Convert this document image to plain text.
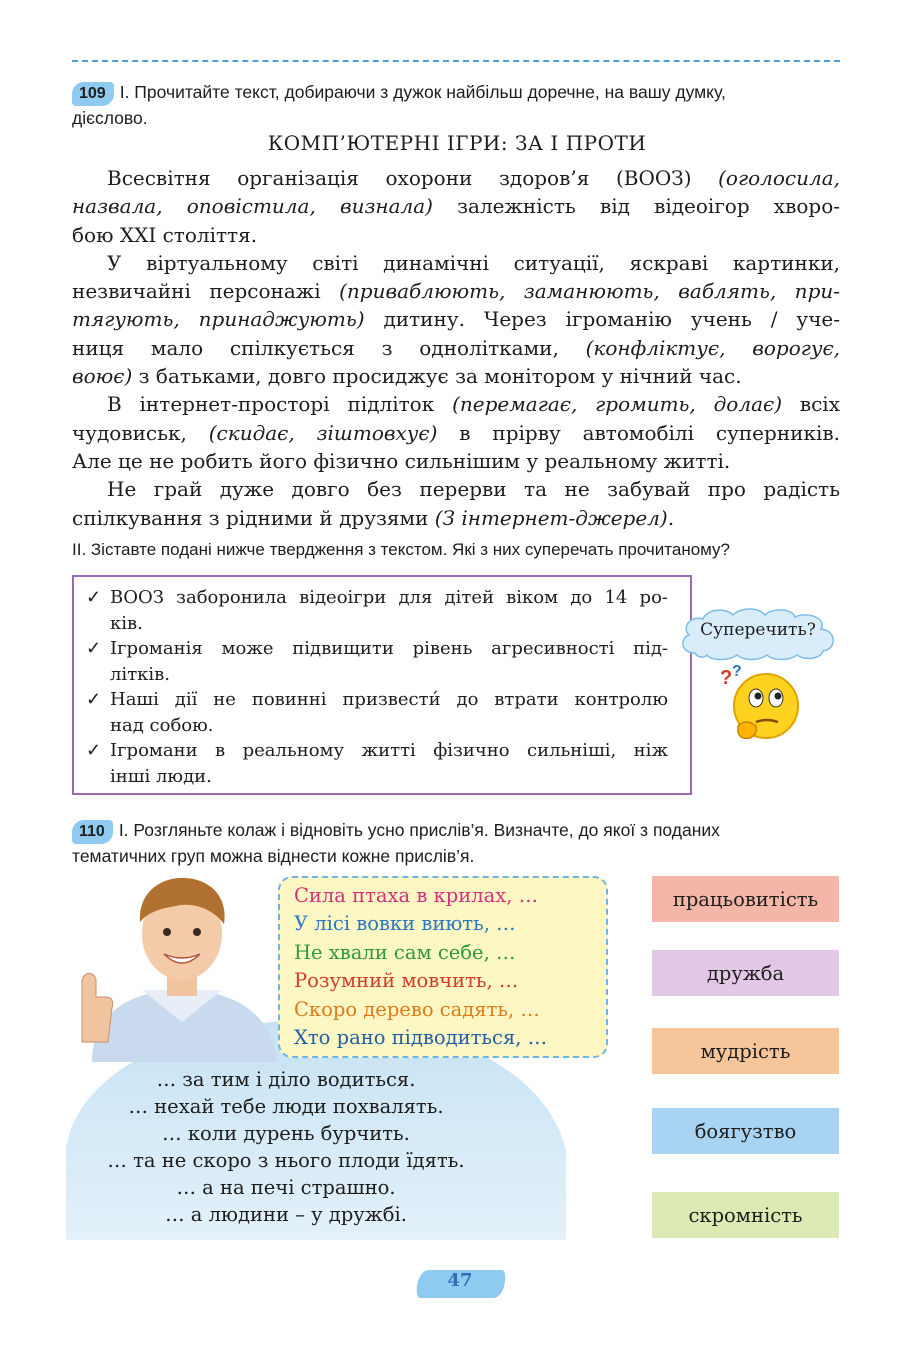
109 І. Прочитайте текст, добираючи з дужок найбільш доречне, на вашу думку,
дієслово.
КОМП’ЮТЕРНІ ІГРИ: ЗА І ПРОТИ
Всесвітня організація охорони здоров’я (ВООЗ) (оголосила,
назвала, оповістила, визнала) залежність від відеоігор хворо-
бою XXI століття.
У віртуальному світі динамічні ситуації, яскраві картинки,
незвичайні персонажі (приваблюють, заманюють, ваблять, при-
тягують, принаджують) дитину. Через ігроманію учень / уче-
ниця мало спілкується з однолітками, (конфліктує, ворогує,
воює) з батьками, довго просиджує за монітором у нічний час.
В інтернет-просторі підліток (перемагає, громить, долає) всіх
чудовиськ, (скидає, зіштовхує) в прірву автомобілі суперників.
Але це не робить його фізично сильнішим у реальному житті.
Не грай дуже довго без перерви та не забувай про радість
спілкування з рідними й друзями (З інтернет-джерел).
ІІ. Зіставте подані нижче твердження з текстом. Які з них суперечать прочитаному?
✓ ВООЗ заборонила відеоігри для дітей віком до 14 ро-
ків.
✓ Ігроманія може підвищити рівень агресивності під-
літків.
✓ Наші дії не повинні призвести́ до втрати контролю
над собою.
✓ Ігромани в реальному житті фізично сильніші, ніж
інші люди.
Суперечить?
? ?
110 І. Розгляньте колаж і відновіть усно прислів’я. Визначте, до якої з поданих
тематичних груп можна віднести кожне прислів’я.
Сила птаха в крилах, …
У лісі вовки виють, …
Не хвали сам себе, …
Розумний мовчить, …
Скоро дерево садять, …
Хто рано підводиться, …
… за тим і діло водиться.
… нехай тебе люди похвалять.
… коли дурень бурчить.
… та не скоро з нього плоди їдять.
… а на печі страшно.
… а людини – у дружбі.
працьовитість
дружба
мудрість
боягузтво
скромність
47
